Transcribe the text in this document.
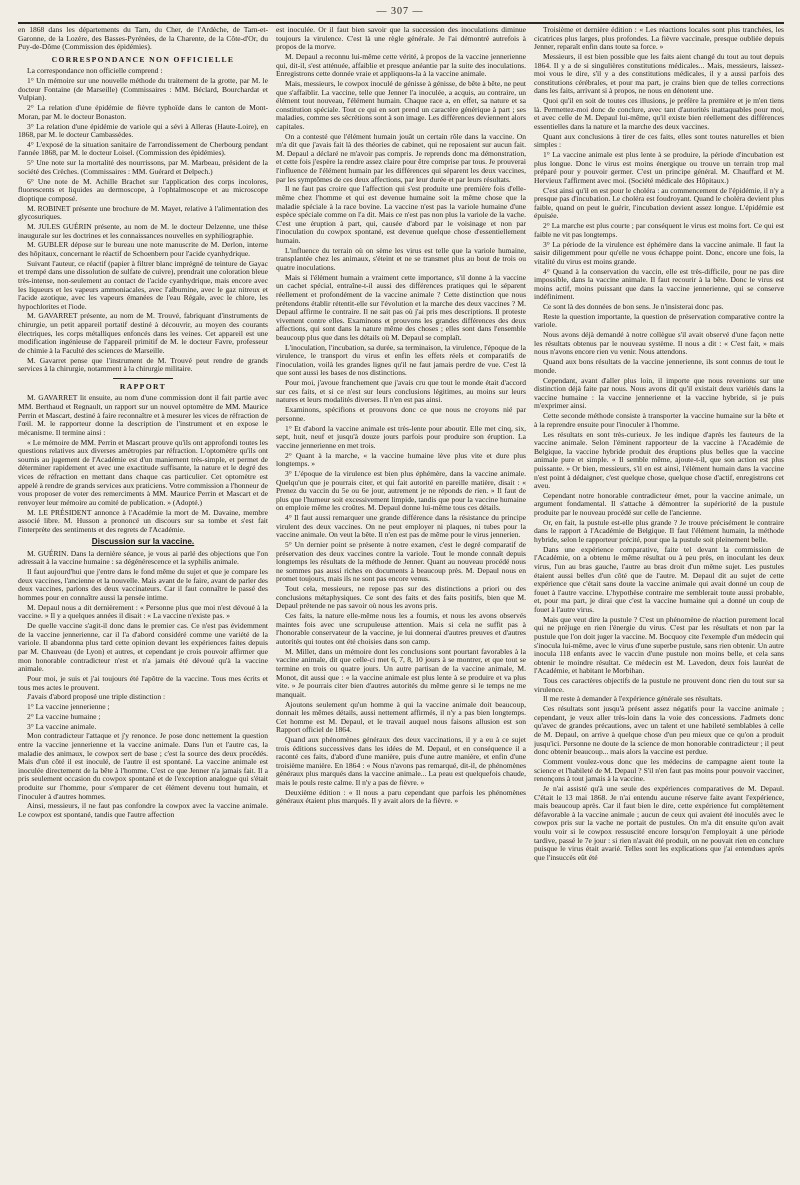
— 307 —

en 1868 dans les départements du Tarn, du Cher, de l'Ardèche, de Tarn-et-Garonne, de la Lozère, des Basses-Pyrénées, de la Charente, de la Côte-d'Or, du Puy-de-Dôme (Commission des épidémies).

CORRESPONDANCE NON OFFICIELLE

La correspondance non officielle comprend :

1° Un mémoire sur une nouvelle méthode du traitement de la grotte, par M. le docteur Fontaine (de Marseille) (Commissaires : MM. Béclard, Bourchardat et Vulpian).

2° La relation d'une épidémie de fièvre typhoïde dans le canton de Mont-Moran, par M. le docteur Bonaston.

3° La relation d'une épidémie de variole qui a sévi à Alleras (Haute-Loire), en 1868, par M. le docteur Cambassèdes.

4° L'exposé de la situation sanitaire de l'arrondissement de Cherbourg pendant l'année 1868, par M. le docteur Loisel. (Commission des épidémies).

5° Une note sur la mortalité des nourrissons, par M. Marbeau, président de la société des Crèches. (Commissaires : MM. Guérard et Delpech.)

6° Une note de M. Achille Brachet sur l'application des corps incolores, fluorescents et liquides au dermoscope, à l'ophtalmoscope et au microscope dioptique composé.

M. ROBINET présente une brochure de M. Mayet, relative à l'alimentation des glycosuriques.

M. JULES GUÉRIN présente, au nom de M. le docteur Delzenne, une thèse inaugurale sur les doctrines et les connaissances nouvelles en syphiliographie.

M. GUBLER dépose sur le bureau une note manuscrite de M. Derlon, interne des hôpitaux, concernant le réactif de Schoenbern pour l'acide cyanhydrique.

Suivant l'auteur, ce réactif (papier à filtrer blanc imprégné de teinture de Gayac et trempé dans une dissolution de sulfate de cuivre), prendrait une coloration bleue très-intense, non-seulement au contact de l'acide cyanhydrique, mais encore avec les liqueurs et les vapeurs ammoniacales, avec l'albumine, avec le gaz nitreux et l'acide azotique, avec les vapeurs émanées de l'eau Régale, avec le chlore, les hypochlorites et l'iode.

M. GAVARRET présente, au nom de M. Trouvé, fabriquant d'instruments de chirurgie, un petit appareil portatif destiné à découvrir, au moyen des courants électriques, les corps métalliques enfoncés dans les veines. Cet appareil est une modification ingénieuse de l'appareil primitif de M. le docteur Favre, professeur de chimie à la Faculté des sciences de Marseille.

M. Gavarret pense que l'instrument de M. Trouvé peut rendre de grands services à la chirurgie, notamment à la chirurgie militaire.

RAPPORT

M. GAVARRET lit ensuite, au nom d'une commission dont il fait partie avec MM. Berthaud et Regnault, un rapport sur un nouvel optomètre de MM. Maurice Perrin et Mascart, destiné à faire reconnaître et à mesurer les vices de réfraction de l'œil. M. le rapporteur donne la description de l'instrument et en expose le mécanisme. Il termine ainsi :

« Le mémoire de MM. Perrin et Mascart prouve qu'ils ont approfondi toutes les questions relatives aux diverses amétropies par réfraction. L'optomètre qu'ils ont soumis au jugement de l'Académie est d'un maniement très-simple, et permet de déterminer rapidement et avec une exactitude suffisante, la nature et le degré des vices de réfraction en mettant dans chaque cas particulier. Cet optomètre est appelé à rendre de grands services aux praticiens. Votre commission a l'honneur de vous proposer de voter des remerciments à MM. Maurice Perrin et Mascart et de renvoyer leur mémoire au comité de publication. » (Adopté.)

M. LE PRÉSIDENT annonce à l'Académie la mort de M. Davaine, membre associé libre. M. Husson a prononcé un discours sur sa tombe et s'est fait l'interprète des sentiments et des regrets de l'Académie.

Discussion sur la vaccine.

M. GUÉRIN. Dans la dernière séance, je vous ai parlé des objections que l'on adressait à la vaccine humaine : sa dégénérescence et la syphilis animale.

Il faut aujourd'hui que j'entre dans le fond même du sujet et que je compare les deux vaccines, l'ancienne et la nouvelle. Mais avant de le faire, avant de parler des deux vaccines, parlons des deux vaccinateurs. Car il faut connaître le passé des hommes pour en connaître aussi la pensée intime.

M. Depaul nous a dit dernièrement : « Personne plus que moi n'est dévoué à la vaccine. » Il y a quelques années il disait : « La vaccine n'existe pas. »

De quelle vaccine s'agit-il donc dans le premier cas. Ce n'est pas évidemment de la vaccine jennerienne, car il l'a d'abord considéré comme une variété de la variole. Il abandonna plus tard cette opinion devant les expériences faites depuis par M. Chauveau (de Lyon) et autres, et cependant je crois pouvoir affirmer que mon honorable contradicteur n'est et n'a jamais été dévoué qu'à la vaccine animale.

Pour moi, je suis et j'ai toujours été l'apôtre de la vaccine. Tous mes écrits et tous mes actes le prouvent.

J'avais d'abord proposé une triple distinction :

1° La vaccine jennerienne ;

2° La vaccine humaine ;

3° La vaccine animale.

Mon contradicteur l'attaque et j'y renonce. Je pose donc nettement la question entre la vaccine jennerienne et la vaccine animale. Dans l'un et l'autre cas, la maladie des animaux, le cowpox sert de base ; c'est la source des deux procédés. Mais d'un côté il est inoculé, de l'autre il est spontané. La vaccine animale est inoculée directement de la bête à l'homme. C'est ce que Jenner n'a jamais fait. Il a pris seulement occasion du cowpox spontané et de l'exception analogue qui s'était produite sur l'homme, pour s'emparer de cet élément devenu tout humain, et l'inoculer à d'autres hommes.

Ainsi, messieurs, il ne faut pas confondre la cowpox avec la vaccine animale. Le cowpox est spontané, tandis que l'autre affection

est inoculée. Or il faut bien savoir que la succession des inoculations diminue toujours la virulence. C'est là une règle générale. Je l'ai démontré autrefois à propos de la morve.

M. Depaul a reconnu lui-même cette vérité, à propos de la vaccine jennerienne qui, dit-il, s'est atténuée, affaiblie et presque anéantie par la suite des inoculations. Enregistrons cette donnée vraie et appliquons-la à la vaccine animale.

Mais, messieurs, le cowpox inoculé de génisse à génisse, de bête à bête, ne peut que s'affaiblir. La vaccine, telle que Jenner l'a inoculée, a acquis, au contraire, un élément tout nouveau, l'élément humain. Chaque race a, en effet, sa nature et sa constitution spéciale. Tout ce qui en sort prend un caractère générique à part ; ses maladies, comme ses sécrétions sont à son image. Les différences deviennent alors capitales.

On a contesté que l'élément humain jouât un certain rôle dans la vaccine. On m'a dit que j'avais fait là des théories de cabinet, qui ne reposaient sur aucun fait. M. Depaul a déclaré ne m'avoir pas compris. Je reprends donc ma démonstration, et cette fois j'espère la rendre assez claire pour être comprise par tous. Je prouverai l'influence de l'élément humain par les différences qui séparent les deux vaccines, par les symptômes de ces deux affections, par leur durée et par leurs résultats.

Il ne faut pas croire que l'affection qui s'est produite une première fois d'elle-même chez l'homme et qui est devenue humaine soit la même chose que la maladie spéciale à la race bovine. La vaccine n'est pas la variole humaine d'une espèce spéciale comme on l'a dit. Mais ce n'est pas non plus la variole de la vache. C'est une éruption à part, qui, causée d'abord par le voisinage et non par l'inoculation du cowpox spontané, est devenue quelque chose d'essentiellement humain.

L'influence du terrain où on sème les virus est telle que la variole humaine, transplantée chez les animaux, s'éteint et ne se transmet plus au bout de trois ou quatre inoculations.

Mais si l'élément humain a vraiment cette importance, s'il donne à la vaccine un cachet spécial, entraîne-t-il aussi des différences pratiques qui le séparent réellement et profondément de la vaccine animale ? Cette distinction que nous prétendons établir rétentit-elle sur l'évolution et la marche des deux vaccines ? M. Depaul affirme le contraire. Il ne sait pas où j'ai pris mes descriptions. Il proteste vivement contre elles. Examinons et prouvons les grandes différences des deux affections, qui sont dans la nature même des choses ; elles sont dans l'ensemble beaucoup plus que dans les détails où M. Depaul se complaît.

L'inoculation, l'incubation, sa durée, sa terminaison, la virulence, l'époque de la virulence, le transport du virus et enfin les effets réels et comparatifs de l'inoculation, voilà les grandes lignes qu'il ne faut jamais perdre de vue. C'est là que sont aussi les bases de nos distinctions.

Pour moi, j'avoue franchement que j'avais cru que tout le monde était d'accord sur ces faits, et si ce n'est sur leurs conclusions légitimes, au moins sur leurs natures et leurs modalités diverses. Il n'en est pas ainsi.

Examinons, spécifions et prouvons donc ce que nous ne croyons nié par personne.

1° Et d'abord la vaccine animale est très-lente pour aboutir. Elle met cinq, six, sept, huit, neuf et jusqu'à douze jours parfois pour produire son éruption. La vaccine jennerienne en met trois.

2° Quant à la marche, « la vaccine humaine lève plus vite et dure plus longtemps. »

3° L'époque de la virulence est bien plus éphémère, dans la vaccine animale. Quelqu'un que je pourrais citer, et qui fait autorité en pareille matière, disait : « Prenez du vaccin du 5e ou 6e jour, autrement je ne réponds de rien. » Il faut de plus que l'humeur soit excessivement limpide, tandis que pour la vaccine humaine on emploie même les croûtes. M. Depaul donne lui-même tous ces détails.

4° Il faut aussi remarquer une grande différence dans la résistance du principe virulent des deux vaccines. On ne peut employer ni plaques, ni tubes pour la vaccine animale. On veut la bête. Il n'en est pas de même pour le virus jennerien.

5° Un dernier point se présente à notre examen, c'est le degré comparatif de préservation des deux vaccines contre la variole. Tout le monde connaît depuis longtemps les résultats de la méthode de Jenner. Quant au nouveau procédé nous ne sommes pas aussi riches en documents à beaucoup près. M. Depaul nous en promet toujours, mais ils ne sont pas encore venus.

Tout cela, messieurs, ne repose pas sur des distinctions a priori ou des conclusions métaphysiques. Ce sont des faits et des faits positifs, bien que M. Depaul prétende ne pas savoir où nous les avons pris.

Ces faits, la nature elle-même nous les a fournis, et nous les avons observés maintes fois avec une scrupuleuse attention. Mais si cela ne suffit pas à l'honorable conservateur de la vaccine, je lui donnerai d'autres preuves et d'autres autorités qui toutes ont été choisies dans son camp.

M. Millet, dans un mémoire dont les conclusions sont pourtant favorables à la vaccine animale, dit que celle-ci met 6, 7, 8, 10 jours à se montrer, et que tout se termine en trois ou quatre jours. Un autre partisan de la vaccine animale, M. Monot, dit aussi que : « la vaccine animale est plus lente à se produire et va plus vite. » Je pourrais citer bien d'autres autorités du même genre si le temps ne me manquait.

Ajoutons seulement qu'un homme à qui la vaccine animale doit beaucoup, donnait les mêmes détails, aussi nettement affirmés, il n'y a pas bien longtemps. Cet homme est M. Depaul, et le travail auquel nous faisons allusion est son Rapport officiel de 1864.

Quand aux phénomènes généraux des deux vaccinations, il y a eu à ce sujet trois éditions successives dans les idées de M. Depaul, et en conséquence il a raconté ces faits, d'abord d'une manière, puis d'une autre manière, et enfin d'une troisième manière. En 1864 : « Nous n'avons pas remarqué, dit-il, de phénomènes généraux plus marqués dans la vaccine animale... La peau est quelquefois chaude, mais le pouls reste calme. Il n'y a pas de fièvre. »

Deuxième édition : « Il nous a paru cependant que parfois les phénomènes généraux étaient plus marqués. Il y avait alors de la fièvre. »

Troisième et dernière édition : « Les réactions locales sont plus tranchées, les cicatrices plus larges, plus profondes. La fièvre vaccinale, presque oubliée depuis Jenner, reparaît enfin dans toute sa force. »

Messieurs, il est bien possible que les faits aient changé du tout au tout depuis 1864. Il y a de si singulières constitutions médicales... Mais, messieurs, laissez-moi vous le dire, s'il y a des constitutions médicales, il y a aussi parfois des constitutions cérébrales, et pour ma part, je crains bien que de telles corrections dans les faits, arrivant si à propos, ne nous en dénotent une.

Quoi qu'il en soit de toutes ces illusions, je préfère la première et je m'en tiens là. Permettez-moi donc de conclure, avec tant d'autorités inattaquables pour moi, et avec celle de M. Depaul lui-même, qu'il existe bien réellement des différences essentielles dans la nature et la marche des deux vaccines.

Quant aux conclusions à tirer de ces faits, elles sont toutes naturelles et bien simples :

1° La vaccine animale est plus lente à se produire, la période d'incubation est plus longue. Donc le virus est moins énergique ou trouve un terrain trop mal préparé pour y pouvoir germer. C'est un principe général. M. Chauffard et M. Hervieux l'affirment avec moi. (Société médicale des Hôpitaux.)

C'est ainsi qu'il en est pour le choléra : au commencement de l'épidémie, il n'y a presque pas d'incubation. Le choléra est foudroyant. Quand le choléra devient plus faible, quand on peut le guérir, l'incubation devient assez longue. L'épidémie est épuisée.

2° La marche est plus courte ; par conséquent le virus est moins fort. Ce qui est faible ne vit pas longtemps.

3° La période de la virulence est éphémère dans la vaccine animale. Il faut la saisir diligemment pour qu'elle ne vous échappe point. Donc, encore une fois, la vitalité du virus est moins grande.

4° Quand à la conservation du vaccin, elle est très-difficile, pour ne pas dire impossible, dans la vaccine animale. Il faut recourir à la bête. Donc le virus est moins actif, moins puissant que dans la vaccine jennerienne, qui se conserve indéfiniment.

Ce sont là des données de bon sens. Je n'insisterai donc pas.

Reste la question importante, la question de préservation comparative contre la variole.

Nous avons déjà demandé à notre collègue s'il avait observé d'une façon nette les résultats obtenus par le nouveau système. Il nous a dit : « C'est fait, » mais nous n'avons encore rien vu venir. Nous attendons.

Quand aux bons résultats de la vaccine jennerienne, ils sont connus de tout le monde.

Cependant, avant d'aller plus loin, il importe que nous revenions sur une distinction déjà faite par nous. Nous avons dit qu'il existait deux variétés dans la vaccine humaine : la vaccine jennerienne et la vaccine hybride, si je puis m'exprimer ainsi.

Cette seconde méthode consiste à transporter la vaccine humaine sur la bête et à la reprendre ensuite pour l'inoculer à l'homme.

Les résultats en sont très-curieux. Je les indique d'après les fauteurs de la vaccine animale. Selon l'éminent rapporteur de la vaccine à l'Académie de Belgique, la vaccine hybride produit des éruptions plus belles que la vaccine animale pure et simple. « Il semble même, ajoute-t-il, que son action est plus puissante. » Or bien, messieurs, s'il en est ainsi, l'élément humain dans la vaccine n'est point à dédaigner, c'est quelque chose, quelque chose d'actif, enregistrons cet aveu.

Cependant notre honorable contradicteur émet, pour la vaccine animale, un argument fondamental. Il s'attache à démontrer la supériorité de la pustule produite par le nouveau procédé sur celle de l'ancienne.

Or, en fait, la pustule est-elle plus grande ? Je trouve précisément le contraire dans le rapport à l'Académie de Belgique. Il faut l'élément humain, la méthode hybride, selon le rapporteur précité, pour que la pustule soit pleinement belle.

Dans une expérience comparative, faite tel devant la commission de l'Académie, on a obtenu le même résultat ou à peu près, en inoculant les deux virus, l'un au bras gauche, l'autre au bras droit d'un même sujet. Les pustules étaient aussi belles d'un côté que de l'autre. M. Depaul dit au sujet de cette expérience que c'était sans doute la vaccine animale qui avait donné un coup de fouet à l'autre vaccine. L'hypothèse contraire me semblerait toute aussi probable, et, pour ma part, je dirai que c'est la vaccine humaine qui a donné un coup de fouet à l'autre virus.

Mais que veut dire la pustule ? C'est un phénomène de réaction purement local qui ne préjuge en rien l'énergie du virus. C'est par les résultats et non par la pustule que l'on doit juger la vaccine. M. Bocquoy cite l'exemple d'un médecin qui s'inocula lui-même, avec le virus d'une superbe pustule, sans rien obtenir. Un autre inocula 118 enfants avec le vaccin d'une pustule non moins belle, et cela sans obtenir le moindre résultat. Ce médecin est M. Lavedon, deux fois lauréat de l'Académie, et habitant le Morbihan.

Tous ces caractères objectifs de la pustule ne prouvent donc rien du tout sur sa virulence.

Il me reste à demander à l'expérience générale ses résultats.

Ces résultats sont jusqu'à présent assez négatifs pour la vaccine animale ; cependant, je veux aller très-loin dans la voie des concessions. J'admets donc qu'avec de grandes précautions, avec un talent et une habileté semblables à celle de M. Depaul, on arrive à quelque chose d'un peu mieux que ce qu'on a produit jusqu'ici. Personne ne doute de la science de mon honorable contradicteur ; il peut donc obtenir beaucoup... mais alors la vaccine est perdue.

Comment voulez-vous donc que les médecins de campagne aient toute la science et l'habileté de M. Depaul ? S'il n'en faut pas moins pour pouvoir vacciner, renonçons à tout jamais à la vaccine.

Je n'ai assisté qu'à une seule des expériences comparatives de M. Depaul. C'était le 13 mai 1868. Je n'ai entendu aucune réserve faite avant l'expérience, mais beaucoup après. Car il faut bien le dire, cette expérience fut complètement défavorable à la vaccine animale ; aucun de ceux qui avaient été inoculés avec le cowpox pris sur la vache ne portait de pustules. On m'a dit ensuite qu'on avait voulu voir si le cowpox ressuscité encore lorsqu'on l'employait à une période tardive, passé le 7e jour : si rien n'avait été produit, on ne pouvait rien en conclure puisque le virus était avarié. Telles sont les explications que j'ai entendues après que l'insuccès eût été
